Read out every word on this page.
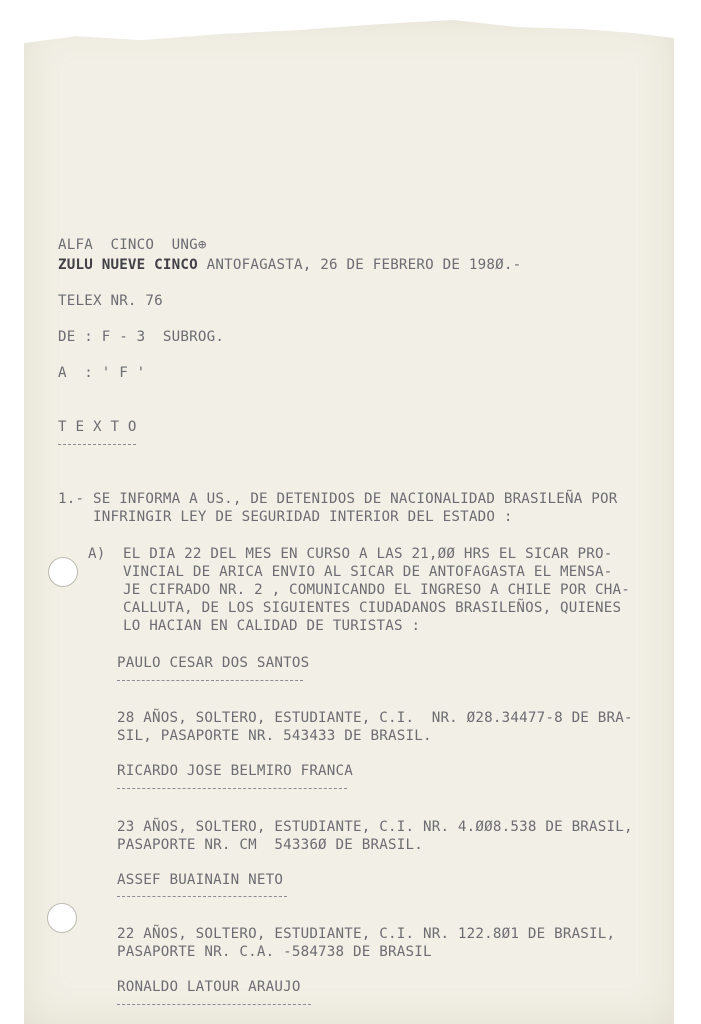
ALFA  CINCO  UNG⊕
ZULU NUEVE CINCO ANTOFAGASTA, 26 DE FEBRERO DE 198Ø.-
TELEX NR. 76
DE : F - 3  SUBROG.
A  : ' F '
T E X T O
1.- SE INFORMA A US., DE DETENIDOS DE NACIONALIDAD BRASILEÑA POR
INFRINGIR LEY DE SEGURIDAD INTERIOR DEL ESTADO :
A)  EL DIA 22 DEL MES EN CURSO A LAS 21,ØØ HRS EL SICAR PRO-
VINCIAL DE ARICA ENVIO AL SICAR DE ANTOFAGASTA EL MENSA-
JE CIFRADO NR. 2 , COMUNICANDO EL INGRESO A CHILE POR CHA-
CALLUTA, DE LOS SIGUIENTES CIUDADANOS BRASILEÑOS, QUIENES
LO HACIAN EN CALIDAD DE TURISTAS :
PAULO CESAR DOS SANTOS
28 AÑOS, SOLTERO, ESTUDIANTE, C.I.  NR. Ø28.34477-8 DE BRA-
SIL, PASAPORTE NR. 543433 DE BRASIL.
RICARDO JOSE BELMIRO FRANCA
23 AÑOS, SOLTERO, ESTUDIANTE, C.I. NR. 4.ØØ8.538 DE BRASIL,
PASAPORTE NR. CM  54336Ø DE BRASIL.
ASSEF BUAINAIN NETO
22 AÑOS, SOLTERO, ESTUDIANTE, C.I. NR. 122.8Ø1 DE BRASIL,
PASAPORTE NR. C.A. -584738 DE BRASIL
RONALDO LATOUR ARAUJO
